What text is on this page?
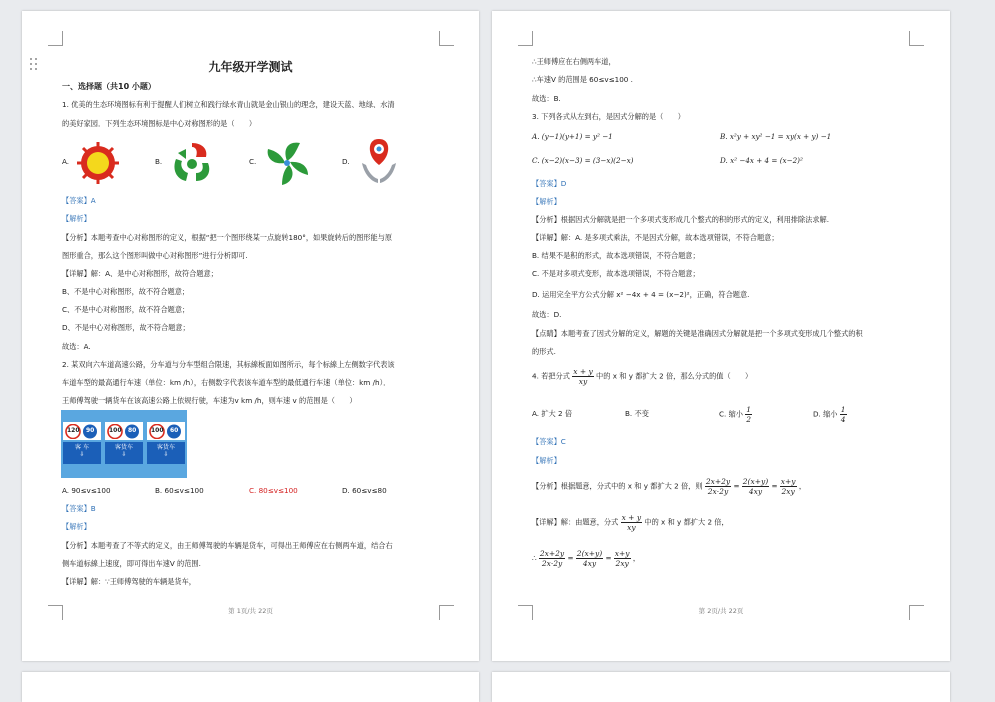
九年级开学测试
一、选择题（共10 小题）
1. 优美的生态环境图标有利于提醒人们树立和践行绿水青山就是金山银山的理念，建设天蓝、地绿、水清
的美好家园．下列生态环境图标是中心对称图形的是（　　）
A.	B.	C.	D.
【答案】A
【解析】
【分析】本题考查中心对称图形的定义，根据“把一个图形绕某一点旋转180°，如果旋转后的图形能与原
图形重合，那么这个图形叫做中心对称图形”进行分析即可.
【详解】解：A、是中心对称图形，故符合题意；
B、不是中心对称图形，故不符合题意；
C、不是中心对称图形，故不符合题意；
D、不是中心对称图形，故不符合题意；
故选：A.
2. 某双向六车道高速公路，分车道与分车型组合限速，其标線板面如图所示，每个标線上左侧数字代表该
车道车型的最高通行车速（单位：km /h），右侧数字代表该车道车型的最低通行车速（单位：km /h）．
王师傅驾驶一辆货车在该高速公路上依规行驶，车速为v km /h，则车速 v 的范围是（　　）
120 90
客 车
⇩
100 80
客货车
⇩
100 60
客货车
⇩
A. 90≤v≤100	B. 60≤v≤100	C. 80≤v≤100	D. 60≤v≤80
【答案】B
【解析】
【分析】本题考查了不等式的定义，由王师傅驾驶的车辆是货车，可得出王师傅应在右侧两车道，结合右
侧车道标線上速度，即可得出车速V 的范围.
【详解】解：∵王师傅驾驶的车辆是货车，
第 1页/共 22页
∴王师傅应在右侧两车道，
∴车速V 的范围是 60≤v≤100 .
故选：B.
3. 下列各式从左到右，是因式分解的是（　　）
A. (y−1)(y+1) = y² −1	B. x²y + xy² −1 = xy(x + y) −1
C. (x−2)(x−3) = (3−x)(2−x)	D. x² −4x + 4 = (x−2)²
【答案】D
【解析】
【分析】根据因式分解就是把一个多项式变形成几个整式的积的形式的定义，利用排除法求解.
【详解】解：A. 是多项式乘法，不是因式分解，故本选项错误，不符合题意；
B. 结果不是积的形式，故本选项错误，不符合题意；
C. 不是对多项式变形，故本选项错误，不符合题意；
D. 运用完全平方公式分解 x² −4x + 4 = (x−2)²，正确，符合题意.
故选：D.
【点睛】本题考查了因式分解的定义，解题的关键是准确因式分解就是把一个多项式变形成几个整式的积
的形式.
4. 若把分式 $\frac{x + y}{xy}$ 中的 x 和 y 都扩大 2 倍，那么分式的值（　　）
A. 扩大 2 倍	B. 不变	C. 缩小 $\frac{1}{2}$	D. 缩小 $\frac{1}{4}$
【答案】C
【解析】
【分析】根据题意，分式中的 x 和 y 都扩大 2 倍，则 $\frac{2x+2y}{2x\cdot 2y} = \frac{2(x+y)}{4xy} = \frac{x+y}{2xy}$ ，
【详解】解：由题意，分式 $\frac{x + y}{xy}$ 中的 x 和 y 都扩大 2 倍，
∴ $\frac{2x+2y}{2x\cdot 2y} = \frac{2(x+y)}{4xy} = \frac{x+y}{2xy}$ ，
第 2页/共 22页
